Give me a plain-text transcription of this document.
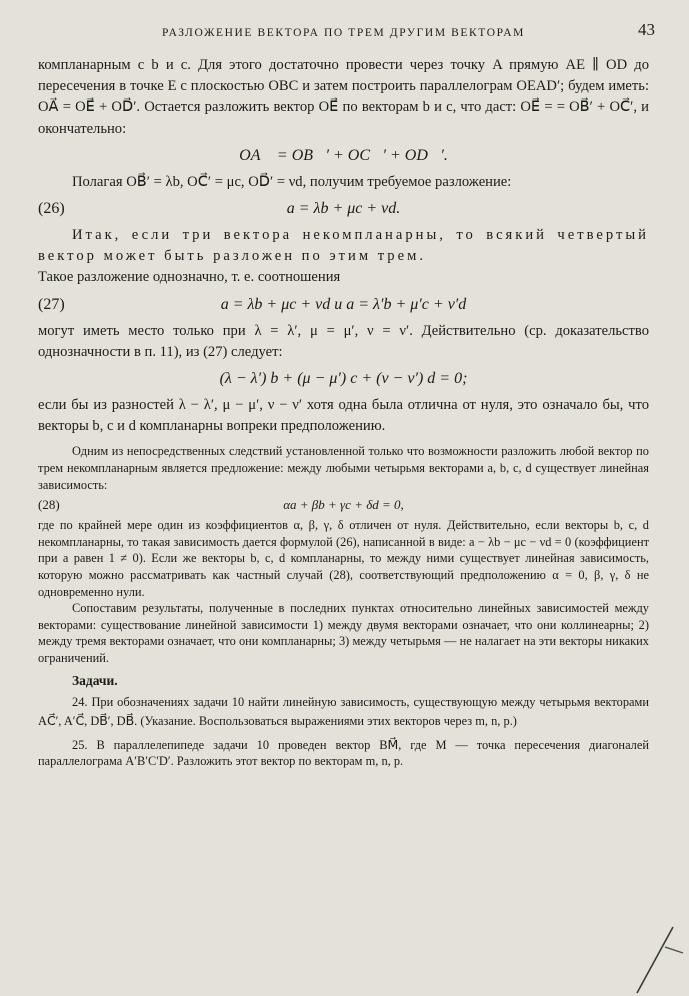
РАЗЛОЖЕНИЕ ВЕКТОРА ПО ТРЕМ ДРУГИМ ВЕКТОРАМ	43

компланарным с b и c. Для этого достаточно провести через точку A прямую AE ∥ OD до пересечения в точке E с плоскостью OBC и затем построить параллелограм OEAD′; будем иметь: OA⃗ = OE⃗ + OD⃗′. Остается разложить вектор OE⃗ по векторам b и c, что даст: OE⃗ = = OB⃗′ + OC⃗′, и окончательно:

OA⃗ = OB⃗′ + OC⃗′ + OD⃗′.

Полагая OB⃗′ = λb, OC⃗′ = μc, OD⃗′ = νd, получим требуемое разложение:

(26)	a = λb + μc + νd.

Итак, если три вектора некомпланарны, то всякий четвертый вектор может быть разложен по этим трем.

Такое разложение однозначно, т. е. соотношения

(27)	a = λb + μc + νd и a = λ′b + μ′c + ν′d

могут иметь место только при λ = λ′, μ = μ′, ν = ν′. Действительно (ср. доказательство однозначности в п. 11), из (27) следует:

(λ − λ′) b + (μ − μ′) c + (ν − ν′) d = 0;

если бы из разностей λ − λ′, μ − μ′, ν − ν′ хотя одна была отлична от нуля, это означало бы, что векторы b, c и d компланарны вопреки предположению.

Одним из непосредственных следствий установленной только что возможности разложить любой вектор по трем некомпланарным является предложение: между любыми четырьмя векторами a, b, c, d существует линейная зависимость:

(28)	αa + βb + γc + δd = 0,

где по крайней мере один из коэффициентов α, β, γ, δ отличен от нуля. Действительно, если векторы b, c, d некомпланарны, то такая зависимость дается формулой (26), написанной в виде: a − λb − μc − νd = 0 (коэффициент при a равен 1 ≠ 0). Если же векторы b, c, d компланарны, то между ними существует линейная зависимость, которую можно рассматривать как частный случай (28), соответствующий предположению α = 0, β, γ, δ не одновременно нули.

Сопоставим результаты, полученные в последних пунктах относительно линейных зависимостей между векторами: существование линейной зависимости 1) между двумя векторами означает, что они коллинеарны; 2) между тремя векторами означает, что они компланарны; 3) между четырьмя — не налагает на эти векторы никаких ограничений.

Задачи.

24. При обозначениях задачи 10 найти линейную зависимость, существующую между четырьмя векторами AC⃗′, A′C⃗, DB⃗′, DB⃗. (Указание. Воспользоваться выражениями этих векторов через m, n, p.)

25. В параллелепипеде задачи 10 проведен вектор BM⃗, где M — точка пересечения диагоналей параллелограма A′B′C′D′. Разложить этот вектор по векторам m, n, p.
